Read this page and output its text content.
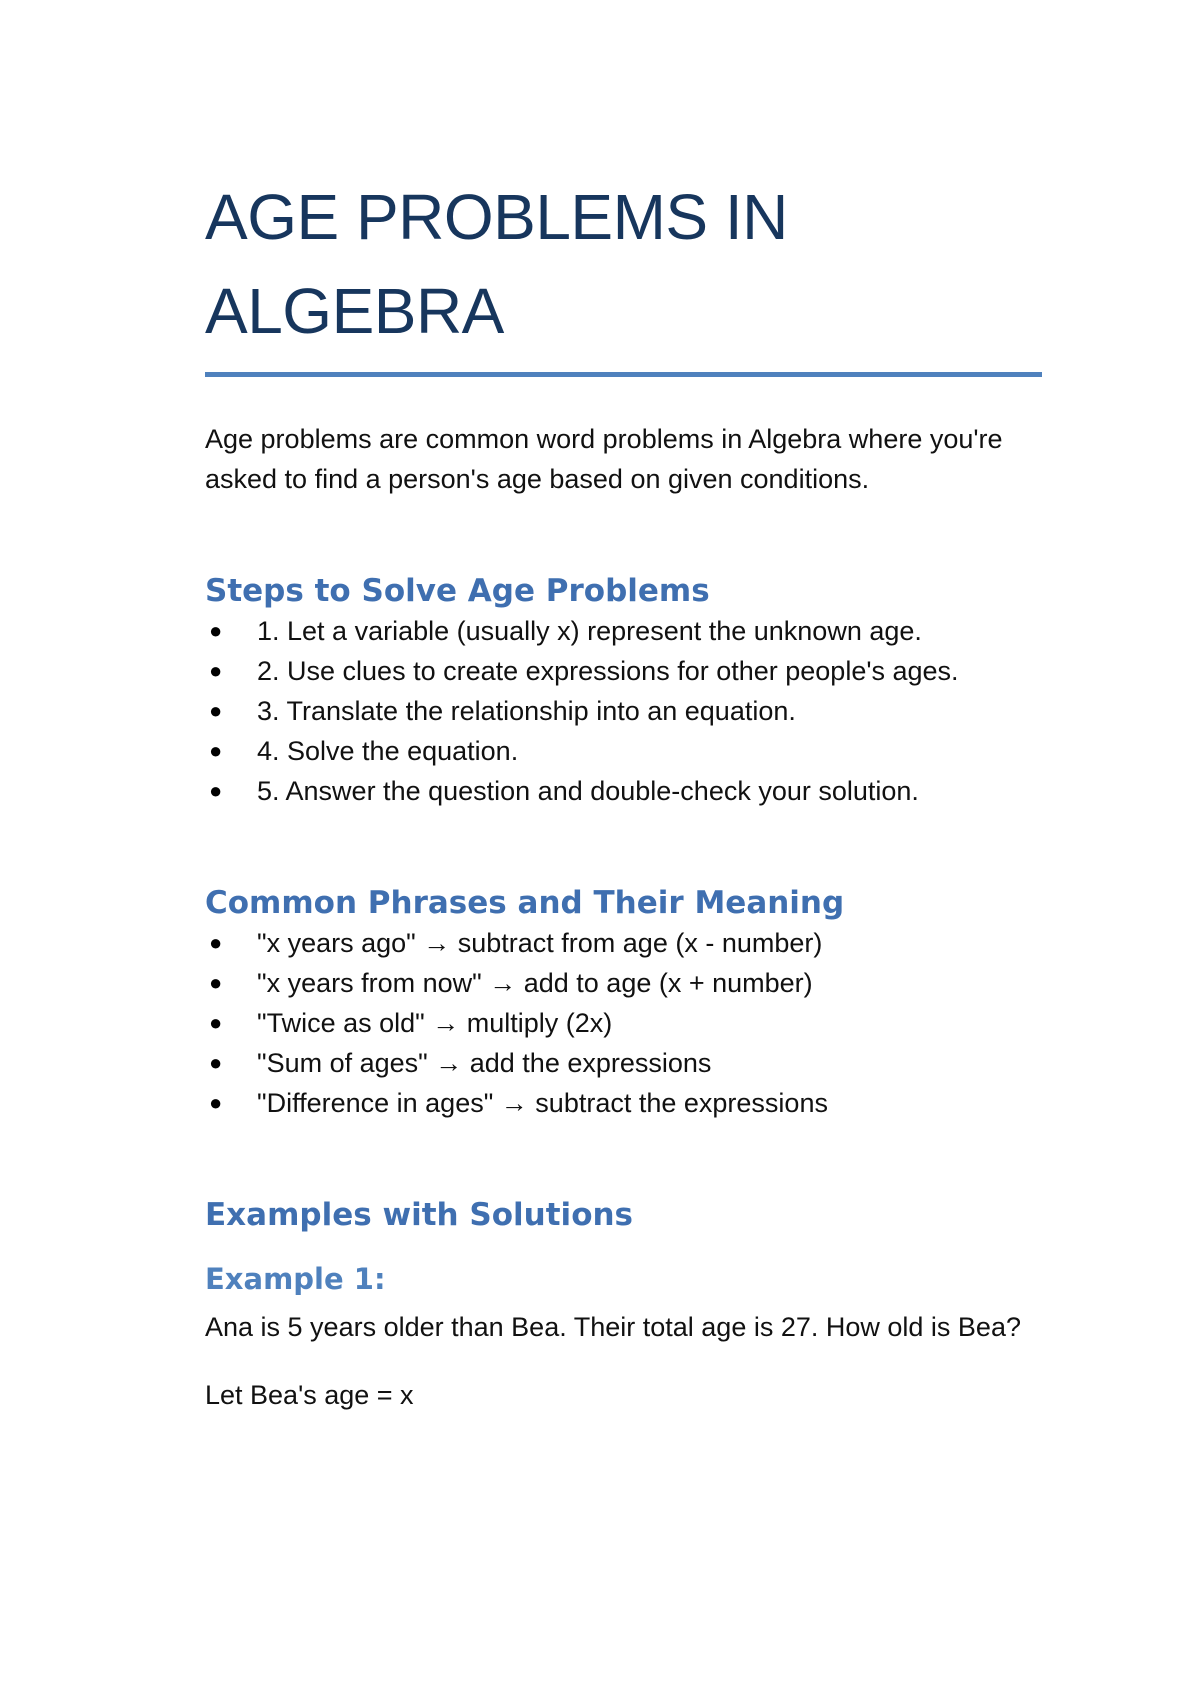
AGE PROBLEMS IN
ALGEBRA

Age problems are common word problems in Algebra where you're asked to find a person's age based on given conditions.

Steps to Solve Age Problems
● 1. Let a variable (usually x) represent the unknown age.
● 2. Use clues to create expressions for other people's ages.
● 3. Translate the relationship into an equation.
● 4. Solve the equation.
● 5. Answer the question and double-check your solution.
Common Phrases and Their Meaning
● "x years ago" → subtract from age (x - number)
● "x years from now" → add to age (x + number)
● "Twice as old" → multiply (2x)
● "Sum of ages" → add the expressions
● "Difference in ages" → subtract the expressions
Examples with Solutions
Example 1:

Ana is 5 years older than Bea. Their total age is 27. How old is Bea?

Let Bea's age = x
